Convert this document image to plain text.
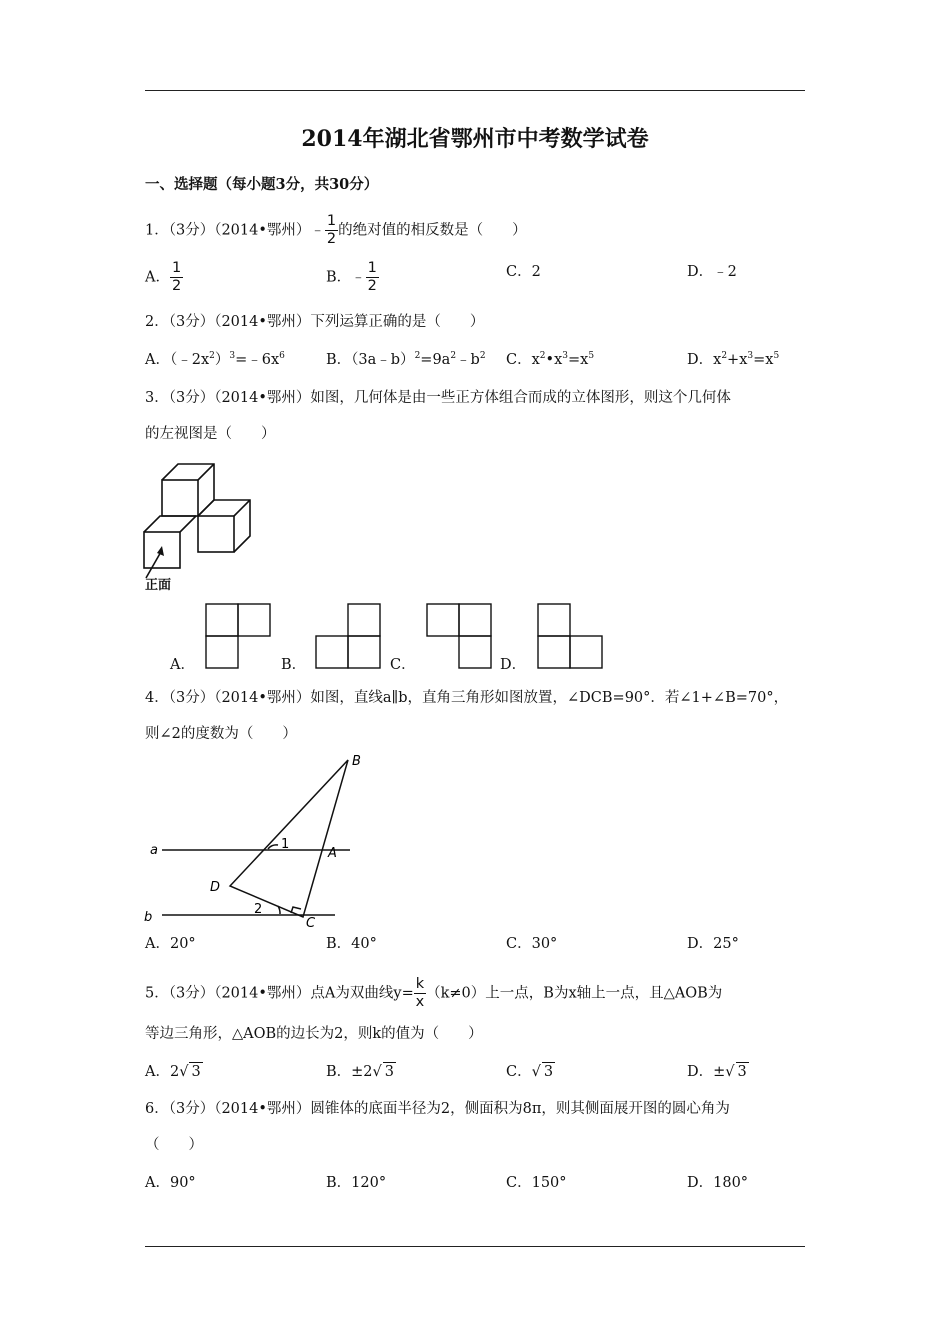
2014年湖北省鄂州市中考数学试卷
一、选择题（每小题3分，共30分）
1．（3分）（2014•鄂州）﹣ $\frac{1}{2}$ 的绝对值的相反数是（　　）
A． $\frac{1}{2}$	B．﹣ $\frac{1}{2}$	C．2	D．﹣2
2．（3分）（2014•鄂州）下列运算正确的是（　　）
A．$(﹣2x^2)^3=﹣6x^6$	B．$(3a﹣b)^2=9a^2﹣b^2$ C．$x^2•x^3=x^5$	D．$x^2+x^3=x^5$
3．（3分）（2014•鄂州）如图，几何体是由一些正方体组合而成的立体图形，则这个几何体
的左视图是（　　）
正面
A．	B．	C．	D．
4．（3分）（2014•鄂州）如图，直线a∥b，直角三角形如图放置，∠DCB=90°．若∠1+∠B=70°，
则∠2的度数为（　　）
B
a	1
A
D
2
C
b
A．20°	B．40°	C．30°	D．25°
5．（3分）（2014•鄂州）点A为双曲线$y= \frac{k}{x} (k\ne 0)$上一点，B为x轴上一点，且△AOB为
等边三角形，△AOB的边长为2，则k的值为（　　）
A．2√ 3	B．±2√ 3	C．√ 3	D．±√ 3
6．（3分）（2014•鄂州）圆锥体的底面半径为2，侧面积为8π，则其侧面展开图的圆心角为
（　　）
A．90°	B．120°	C．150°	D．180°
